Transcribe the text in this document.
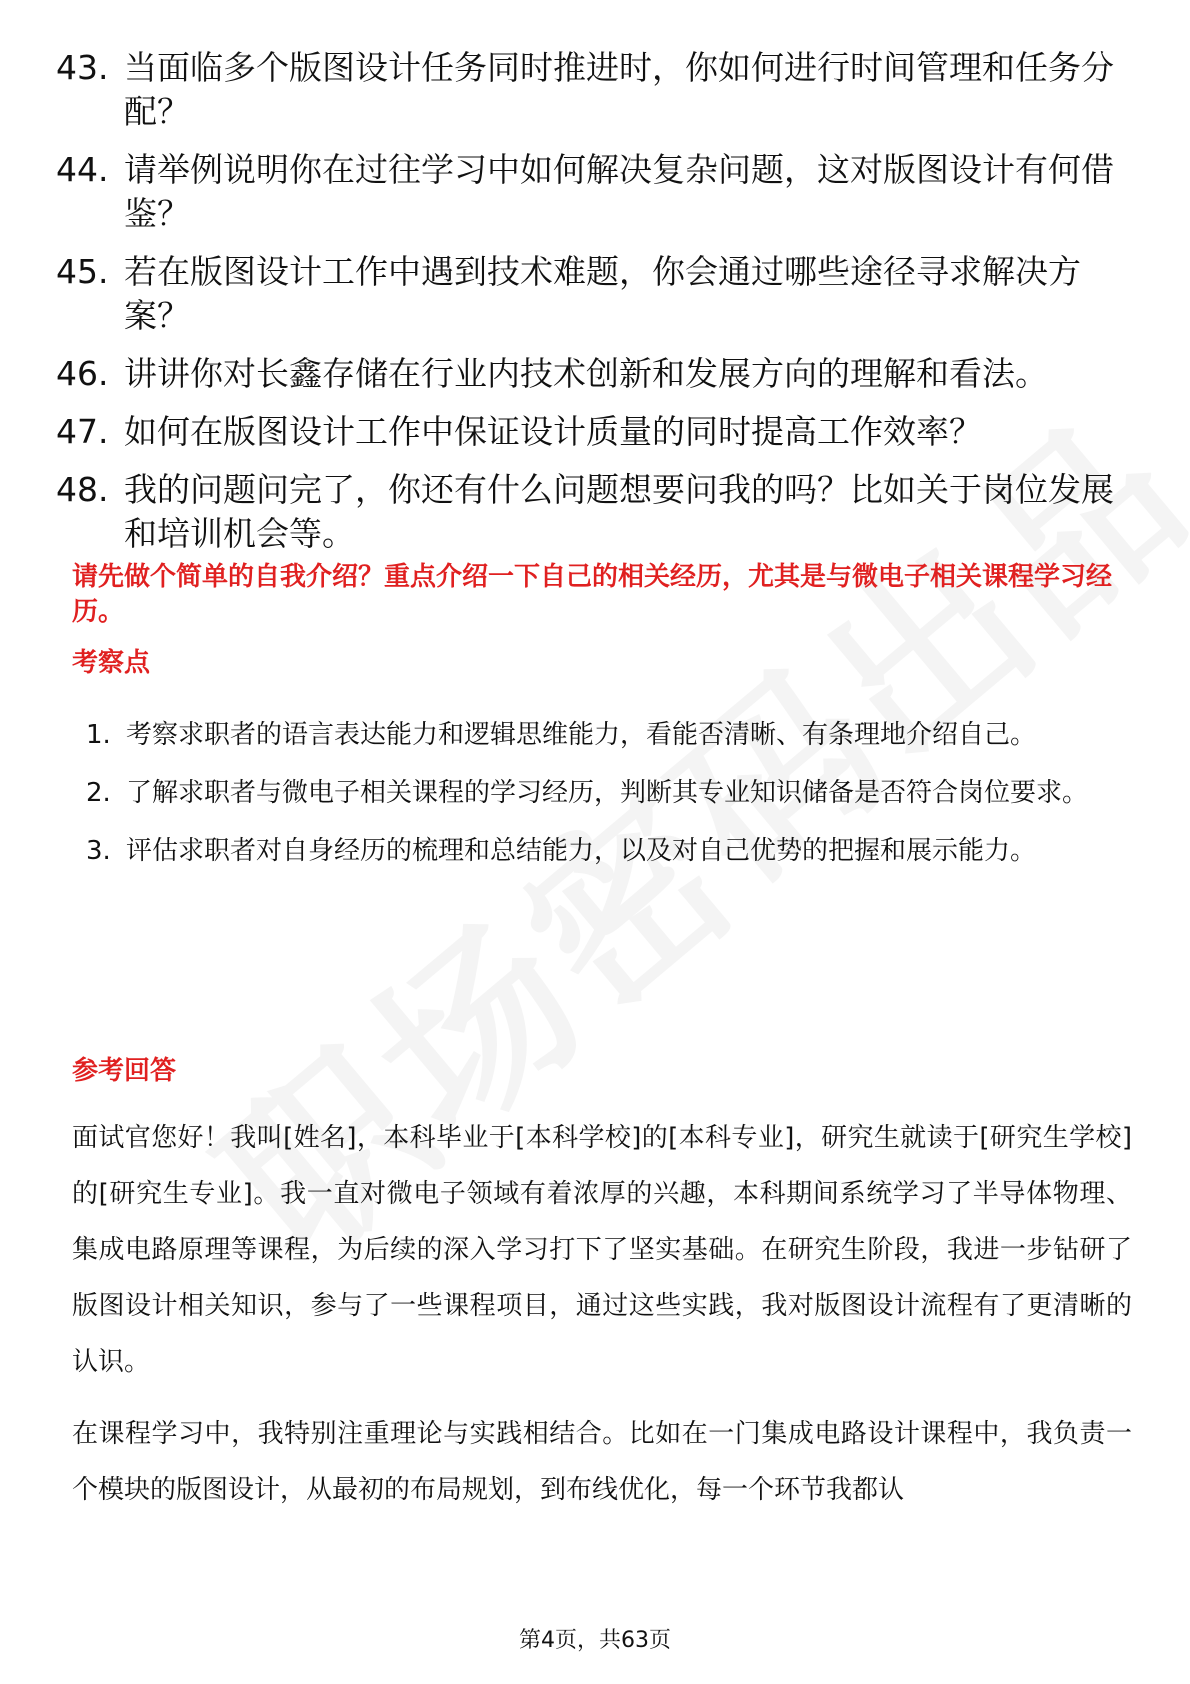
43. 当面临多个版图设计任务同时推进时，你如何进行时间管理和任务分配？
44. 请举例说明你在过往学习中如何解决复杂问题，这对版图设计有何借鉴？
45. 若在版图设计工作中遇到技术难题，你会通过哪些途径寻求解决方案？
46. 讲讲你对长鑫存储在行业内技术创新和发展方向的理解和看法。
47. 如何在版图设计工作中保证设计质量的同时提高工作效率？
48. 我的问题问完了，你还有什么问题想要问我的吗？比如关于岗位发展和培训机会等。

请先做个简单的自我介绍？重点介绍一下自己的相关经历，尤其是与微电子相关课程学习经历。

考察点

1. 考察求职者的语言表达能力和逻辑思维能力，看能否清晰、有条理地介绍自己。
2. 了解求职者与微电子相关课程的学习经历，判断其专业知识储备是否符合岗位要求。
3. 评估求职者对自身经历的梳理和总结能力，以及对自己优势的把握和展示能力。

参考回答

面试官您好！我叫[姓名]，本科毕业于[本科学校]的[本科专业]，研究生就读于[研究生学校]的[研究生专业]。我一直对微电子领域有着浓厚的兴趣，本科期间系统学习了半导体物理、集成电路原理等课程，为后续的深入学习打下了坚实基础。在研究生阶段，我进一步钻研了版图设计相关知识，参与了一些课程项目，通过这些实践，我对版图设计流程有了更清晰的认识。

在课程学习中，我特别注重理论与实践相结合。比如在一门集成电路设计课程中，我负责一个模块的版图设计，从最初的布局规划，到布线优化，每一个环节我都认

第4页，共63页
